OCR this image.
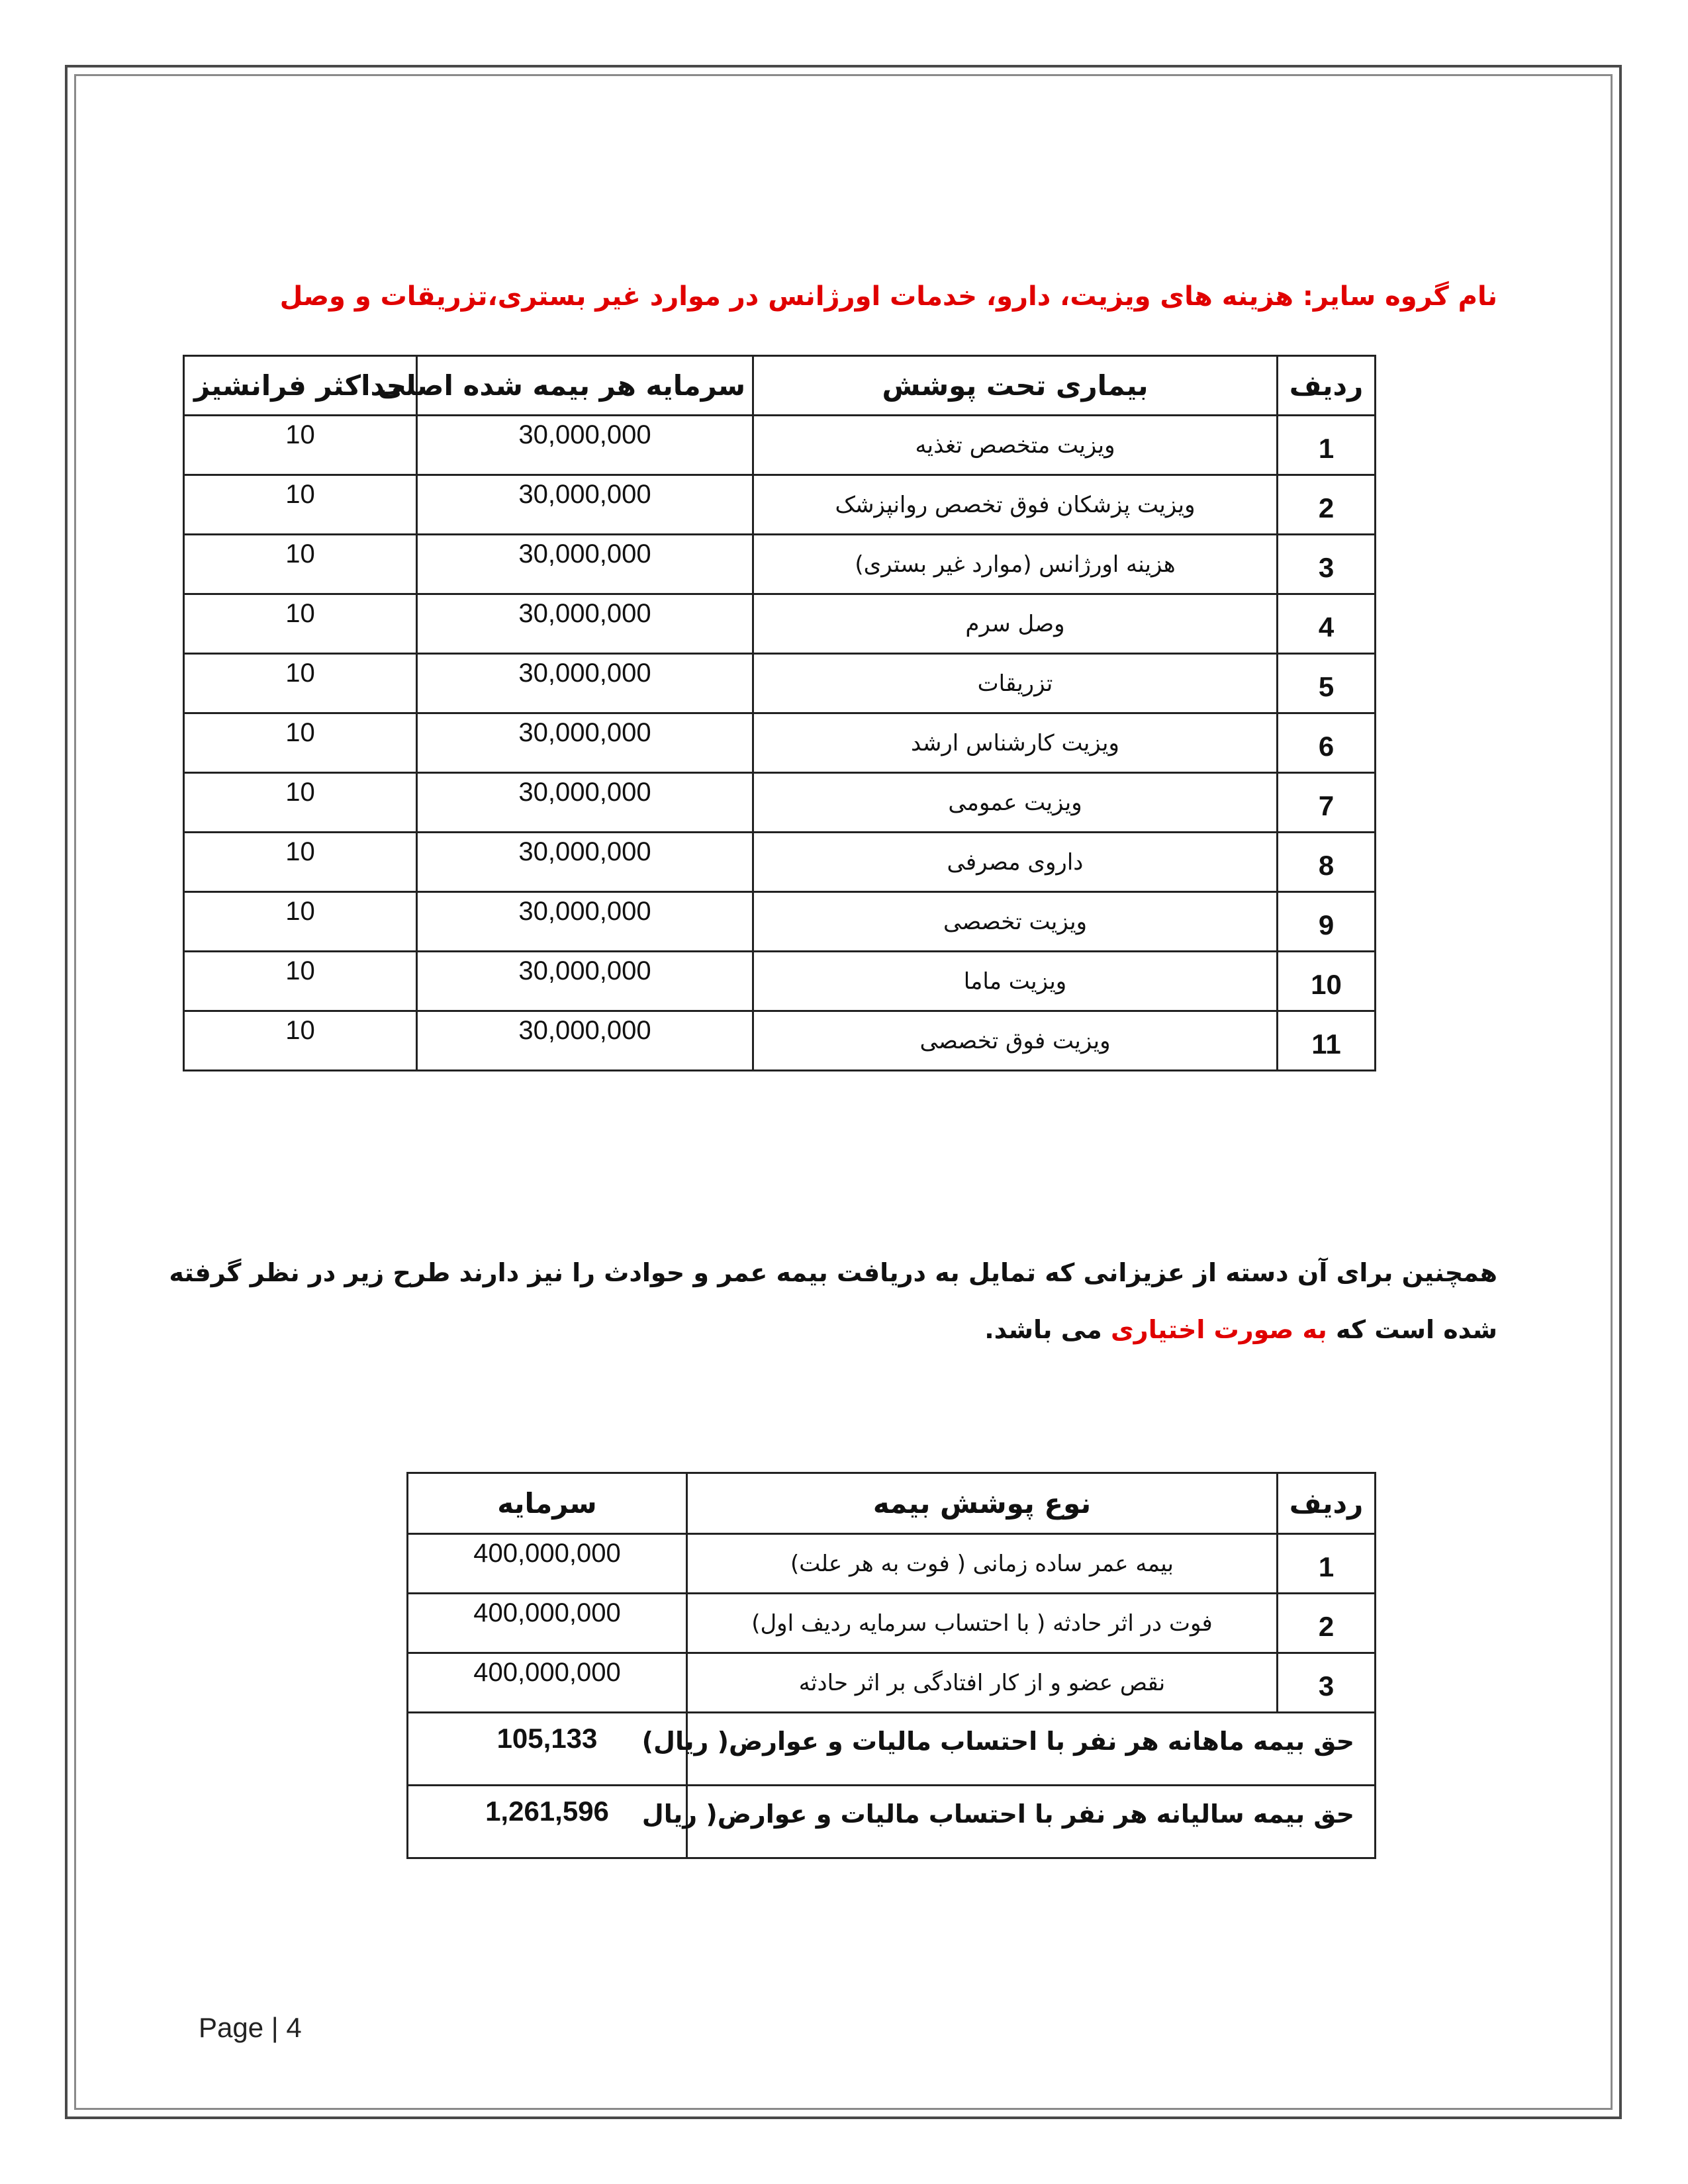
نام گروه سایر: هزینه های ویزیت، دارو، خدمات اورژانس در موارد غیر بستری،تزریقات و وصل
ردیف	بیماری تحت پوشش	سرمایه هر بیمه شده اصلی	حداکثر فرانشیز
1	ویزیت متخصص تغذیه	30,000,000	10
2	ویزیت پزشکان فوق تخصص روانپزشک	30,000,000	10
3	هزینه اورژانس (موارد غیر بستری)	30,000,000	10
4	وصل سرم	30,000,000	10
5	تزریقات	30,000,000	10
6	ویزیت کارشناس ارشد	30,000,000	10
7	ویزیت عمومی	30,000,000	10
8	داروی مصرفی	30,000,000	10
9	ویزیت تخصصی	30,000,000	10
10	ویزیت ماما	30,000,000	10
11	ویزیت فوق تخصصی	30,000,000	10
همچنین برای آن دسته از عزیزانی که تمایل به دریافت بیمه عمر و حوادث را نیز دارند طرح زیر در نظر گرفته شده است که به صورت اختیاری می باشد.
ردیف	نوع پوشش بیمه	سرمایه
1	بیمه عمر ساده زمانی ( فوت به هر علت)	400,000,000
2	فوت در اثر حادثه ( با احتساب سرمایه ردیف اول)	400,000,000
3	نقص عضو و از کار افتادگی بر اثر حادثه	400,000,000
حق بیمه ماهانه هر نفر با احتساب مالیات و عوارض( ریال)		105,133
حق بیمه سالیانه هر نفر با احتساب مالیات و عوارض( ریال		1,261,596
Page | 4
